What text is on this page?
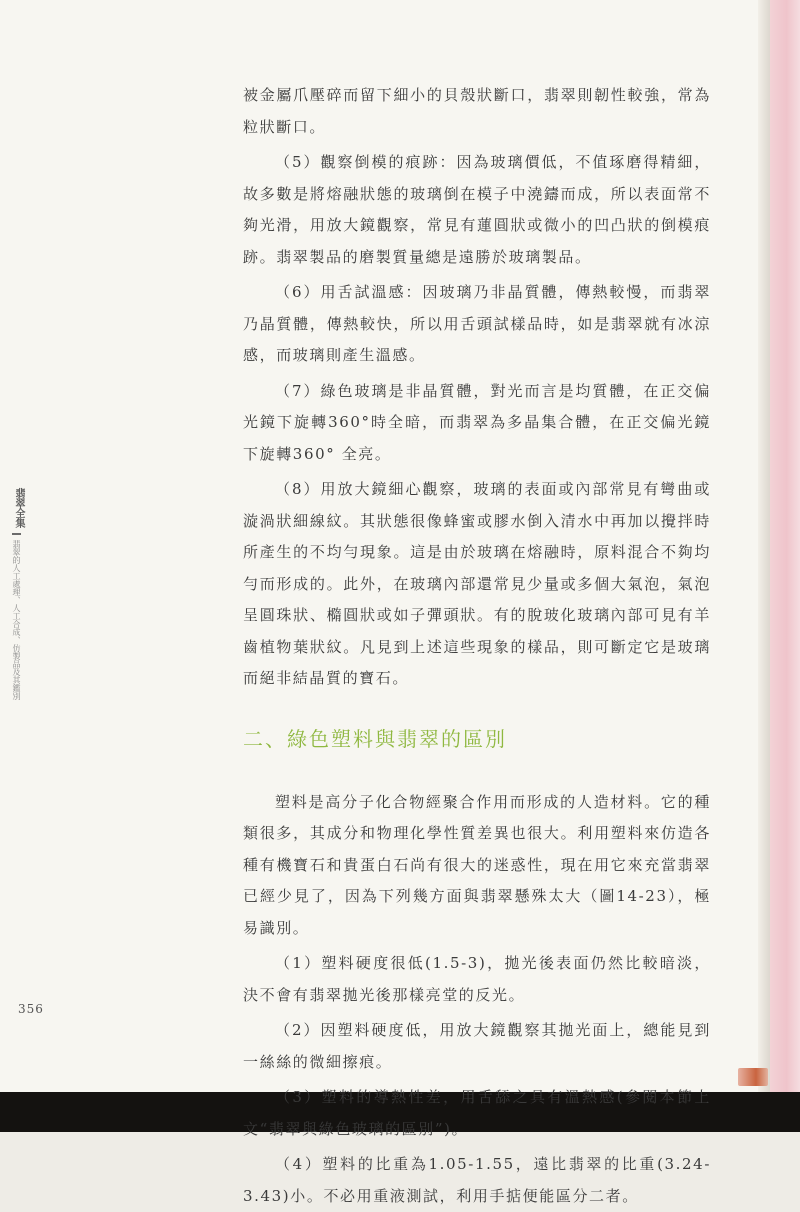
翡翠全集
翡翠的人工處理、人工合成、仿製品及其鑑別

被金屬爪壓碎而留下細小的貝殼狀斷口，翡翠則韌性較強，常為粒狀斷口。

（5）觀察倒模的痕跡：因為玻璃價低，不值琢磨得精細，故多數是將熔融狀態的玻璃倒在模子中澆鑄而成，所以表面常不夠光滑，用放大鏡觀察，常見有蓮圓狀或微小的凹凸狀的倒模痕跡。翡翠製品的磨製質量總是遠勝於玻璃製品。

（6）用舌試溫感：因玻璃乃非晶質體，傳熱較慢，而翡翠乃晶質體，傳熱較快，所以用舌頭試樣品時，如是翡翠就有冰涼感，而玻璃則產生溫感。

（7）綠色玻璃是非晶質體，對光而言是均質體，在正交偏光鏡下旋轉360°時全暗，而翡翠為多晶集合體，在正交偏光鏡下旋轉360° 全亮。

（8）用放大鏡細心觀察，玻璃的表面或內部常見有彎曲或漩渦狀細線紋。其狀態很像蜂蜜或膠水倒入清水中再加以攪拌時所產生的不均勻現象。這是由於玻璃在熔融時，原料混合不夠均勻而形成的。此外，在玻璃內部還常見少量或多個大氣泡，氣泡呈圓珠狀、橢圓狀或如子彈頭狀。有的脫玻化玻璃內部可見有羊齒植物葉狀紋。凡見到上述這些現象的樣品，則可斷定它是玻璃而絕非結晶質的寶石。

二、綠色塑料與翡翠的區別

塑料是高分子化合物經聚合作用而形成的人造材料。它的種類很多，其成分和物理化學性質差異也很大。利用塑料來仿造各種有機寶石和貴蛋白石尚有很大的迷惑性，現在用它來充當翡翠已經少見了，因為下列幾方面與翡翠懸殊太大（圖14-23），極易識別。

（1）塑料硬度很低(1.5-3)，拋光後表面仍然比較暗淡，決不會有翡翠拋光後那樣亮堂的反光。

（2）因塑料硬度低，用放大鏡觀察其拋光面上，總能見到一絲絲的微細擦痕。

（3）塑料的導熱性差，用舌舔之具有溫熱感(參閱本節上文“翡翠與綠色玻璃的區別”)。

（4）塑料的比重為1.05-1.55，遠比翡翠的比重(3.24-3.43)小。不必用重液測試，利用手掂便能區分二者。

356
